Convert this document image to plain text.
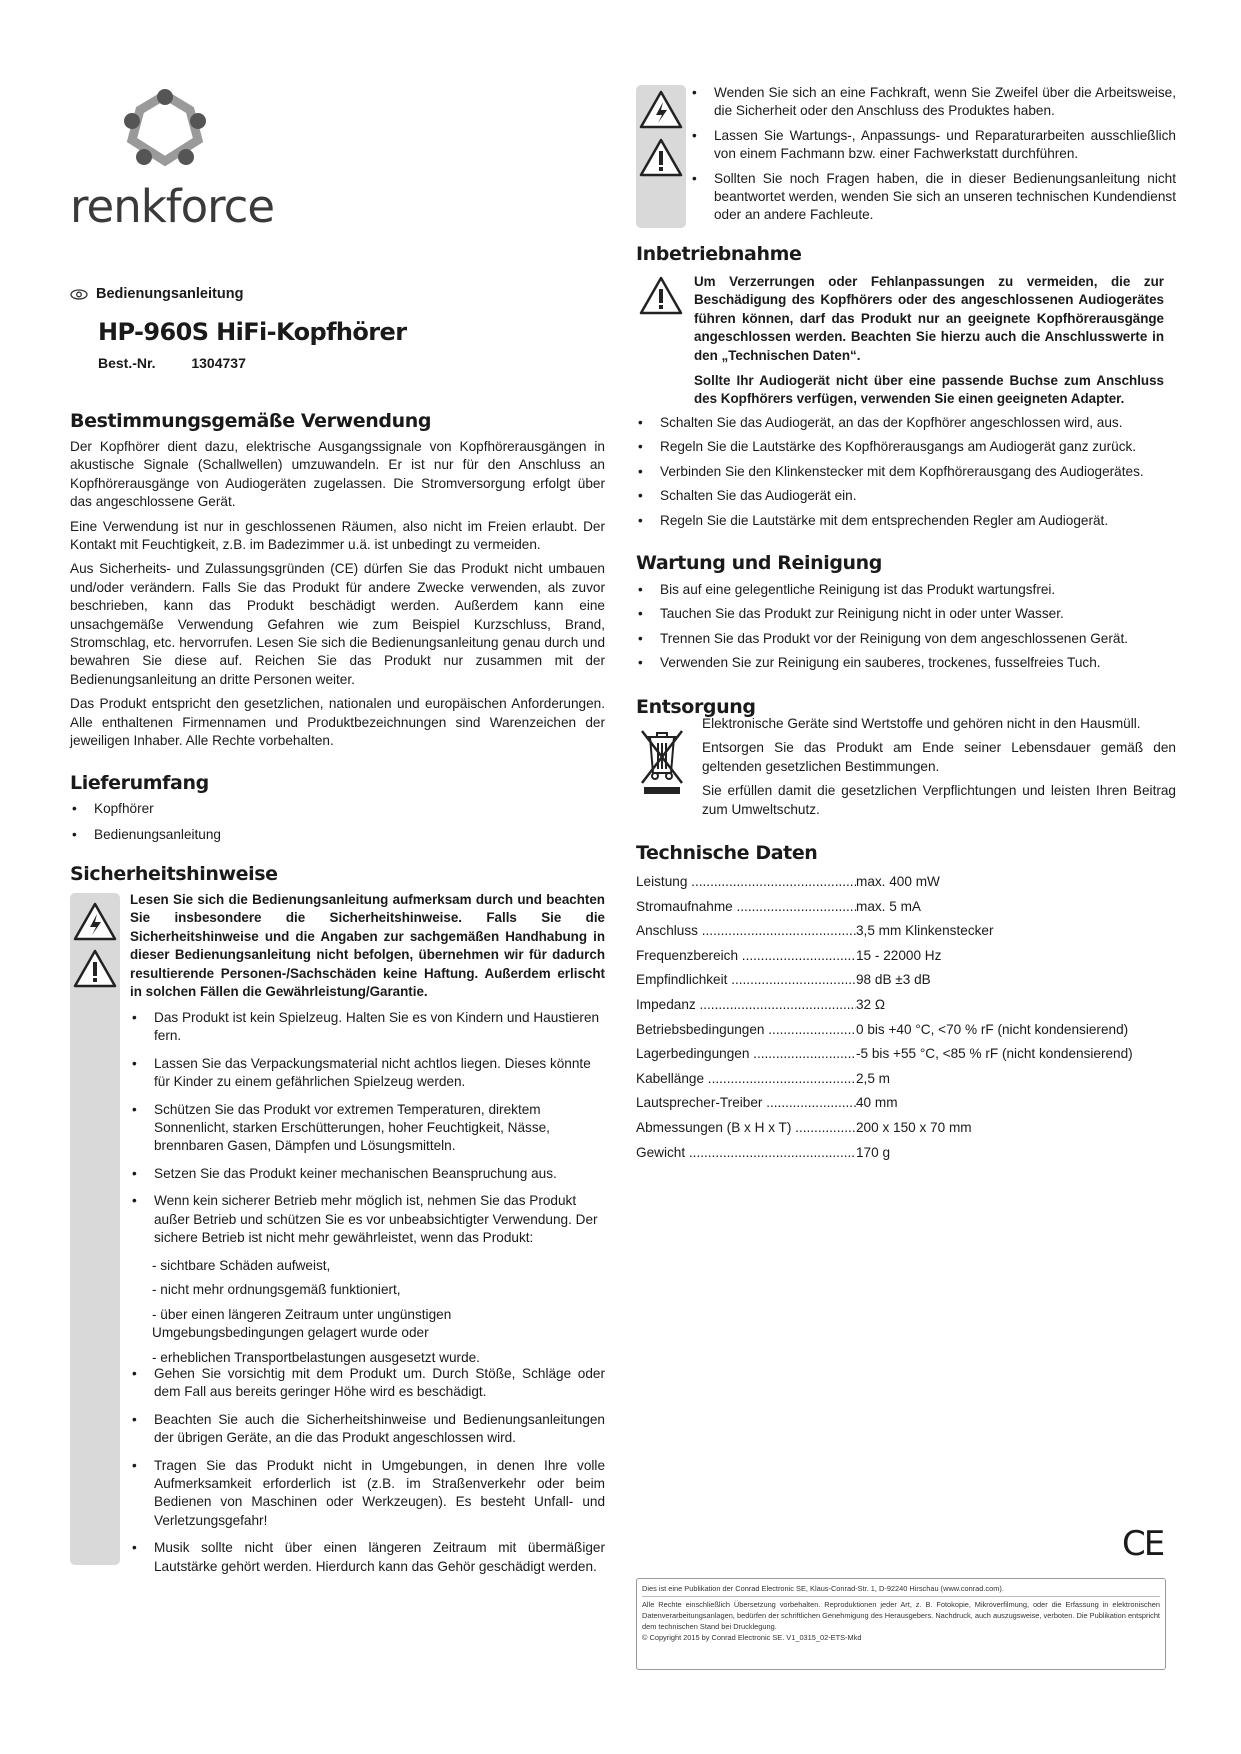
renkforce
Bedienungsanleitung
HP-960S HiFi-Kopfhörer
Best.-Nr.	1304737
Bestimmungsgemäße Verwendung

Der Kopfhörer dient dazu, elektrische Ausgangssignale von Kopfhörerausgängen in akustische Signale (Schallwellen) umzuwandeln. Er ist nur für den Anschluss an Kopfhörerausgänge von Audiogeräten zugelassen. Die Stromversorgung erfolgt über das angeschlossene Gerät.

Eine Verwendung ist nur in geschlossenen Räumen, also nicht im Freien erlaubt. Der Kontakt mit Feuchtigkeit, z.B. im Badezimmer u.ä. ist unbedingt zu vermeiden.

Aus Sicherheits- und Zulassungsgründen (CE) dürfen Sie das Produkt nicht umbauen und/oder verändern. Falls Sie das Produkt für andere Zwecke verwenden, als zuvor beschrieben, kann das Produkt beschädigt werden. Außerdem kann eine unsachgemäße Verwendung Gefahren wie zum Beispiel Kurzschluss, Brand, Stromschlag, etc. hervorrufen. Lesen Sie sich die Bedienungsanleitung genau durch und bewahren Sie diese auf. Reichen Sie das Produkt nur zusammen mit der Bedienungsanleitung an dritte Personen weiter.

Das Produkt entspricht den gesetzlichen, nationalen und europäischen Anforderungen. Alle enthaltenen Firmennamen und Produktbezeichnungen sind Warenzeichen der jeweiligen Inhaber. Alle Rechte vorbehalten.

Lieferumfang
• Kopfhörer
• Bedienungsanleitung
Sicherheitshinweise

Lesen Sie sich die Bedienungsanleitung aufmerksam durch und beachten Sie insbesondere die Sicherheitshinweise. Falls Sie die Sicherheitshinweise und die Angaben zur sachgemäßen Handhabung in dieser Bedienungsanleitung nicht befolgen, übernehmen wir für dadurch resultierende Personen-/Sachschäden keine Haftung. Außerdem erlischt in solchen Fällen die Gewährleistung/Garantie.

• Das Produkt ist kein Spielzeug. Halten Sie es von Kindern und Haustieren fern.
• Lassen Sie das Verpackungsmaterial nicht achtlos liegen. Dieses könnte für Kinder zu einem gefährlichen Spielzeug werden.
• Schützen Sie das Produkt vor extremen Temperaturen, direktem Sonnenlicht, starken Erschütterungen, hoher Feuchtigkeit, Nässe, brennbaren Gasen, Dämpfen und Lösungsmitteln.
• Setzen Sie das Produkt keiner mechanischen Beanspruchung aus.
• Wenn kein sicherer Betrieb mehr möglich ist, nehmen Sie das Produkt außer Betrieb und schützen Sie es vor unbeabsichtigter Verwendung. Der sichere Betrieb ist nicht mehr gewährleistet, wenn das Produkt:

- sichtbare Schäden aufweist,

- nicht mehr ordnungsgemäß funktioniert,

- über einen längeren Zeitraum unter ungünstigen Umgebungsbedingungen gelagert wurde oder

- erheblichen Transportbelastungen ausgesetzt wurde.

• Gehen Sie vorsichtig mit dem Produkt um. Durch Stöße, Schläge oder dem Fall aus bereits geringer Höhe wird es beschädigt.
• Beachten Sie auch die Sicherheitshinweise und Bedienungsanleitungen der übrigen Geräte, an die das Produkt angeschlossen wird.
• Tragen Sie das Produkt nicht in Umgebungen, in denen Ihre volle Aufmerksamkeit erforderlich ist (z.B. im Straßenverkehr oder beim Bedienen von Maschinen oder Werkzeugen). Es besteht Unfall- und Verletzungsgefahr!
• Musik sollte nicht über einen längeren Zeitraum mit übermäßiger Lautstärke gehört werden. Hierdurch kann das Gehör geschädigt werden.
• Wenden Sie sich an eine Fachkraft, wenn Sie Zweifel über die Arbeitsweise, die Sicherheit oder den Anschluss des Produktes haben.
• Lassen Sie Wartungs-, Anpassungs- und Reparaturarbeiten ausschließlich von einem Fachmann bzw. einer Fachwerkstatt durchführen.
• Sollten Sie noch Fragen haben, die in dieser Bedienungsanleitung nicht beantwortet werden, wenden Sie sich an unseren technischen Kundendienst oder an andere Fachleute.
Inbetriebnahme

Um Verzerrungen oder Fehlanpassungen zu vermeiden, die zur Beschädigung des Kopfhörers oder des angeschlossenen Audiogerätes führen können, darf das Produkt nur an geeignete Kopfhörerausgänge angeschlossen werden. Beachten Sie hierzu auch die Anschlusswerte in den „Technischen Daten“.

Sollte Ihr Audiogerät nicht über eine passende Buchse zum Anschluss des Kopfhörers verfügen, verwenden Sie einen geeigneten Adapter.

• Schalten Sie das Audiogerät, an das der Kopfhörer angeschlossen wird, aus.
• Regeln Sie die Lautstärke des Kopfhörerausgangs am Audiogerät ganz zurück.
• Verbinden Sie den Klinkenstecker mit dem Kopfhörerausgang des Audiogerätes.
• Schalten Sie das Audiogerät ein.
• Regeln Sie die Lautstärke mit dem entsprechenden Regler am Audiogerät.
Wartung und Reinigung
• Bis auf eine gelegentliche Reinigung ist das Produkt wartungsfrei.
• Tauchen Sie das Produkt zur Reinigung nicht in oder unter Wasser.
• Trennen Sie das Produkt vor der Reinigung von dem angeschlossenen Gerät.
• Verwenden Sie zur Reinigung ein sauberes, trockenes, fusselfreies Tuch.
Entsorgung

Elektronische Geräte sind Wertstoffe und gehören nicht in den Hausmüll.

Entsorgen Sie das Produkt am Ende seiner Lebensdauer gemäß den geltenden gesetzlichen Bestimmungen.

Sie erfüllen damit die gesetzlichen Verpflichtungen und leisten Ihren Beitrag zum Umweltschutz.

Technische Daten
Leistung .....	max. 400 mW
Stromaufnahme .....	max. 5 mA
Anschluss .....	3,5 mm Klinkenstecker
Frequenzbereich .....	15 - 22000 Hz
Empfindlichkeit .....	98 dB ±3 dB
Impedanz .....	32 Ω
Betriebsbedingungen .....	0 bis +40 °C, <70 % rF (nicht kondensierend)
Lagerbedingungen .....	-5 bis +55 °C, <85 % rF (nicht kondensierend)
Kabellänge .....	2,5 m
Lautsprecher-Treiber .....	40 mm
Abmessungen (B x H x T) .....	200 x 150 x 70 mm
Gewicht .....	170 g
CE
Dies ist eine Publikation der Conrad Electronic SE, Klaus-Conrad-Str. 1, D-92240 Hirschau (www.conrad.com).
Alle Rechte einschließlich Übersetzung vorbehalten. Reproduktionen jeder Art, z. B. Fotokopie, Mikroverfilmung, oder die Erfassung in elektronischen Datenverarbeitungsanlagen, bedürfen der schriftlichen Genehmigung des Herausgebers. Nachdruck, auch auszugsweise, verboten. Die Publikation entspricht dem technischen Stand bei Drucklegung.
© Copyright 2015 by Conrad Electronic SE. V1_0315_02-ETS-Mkd
